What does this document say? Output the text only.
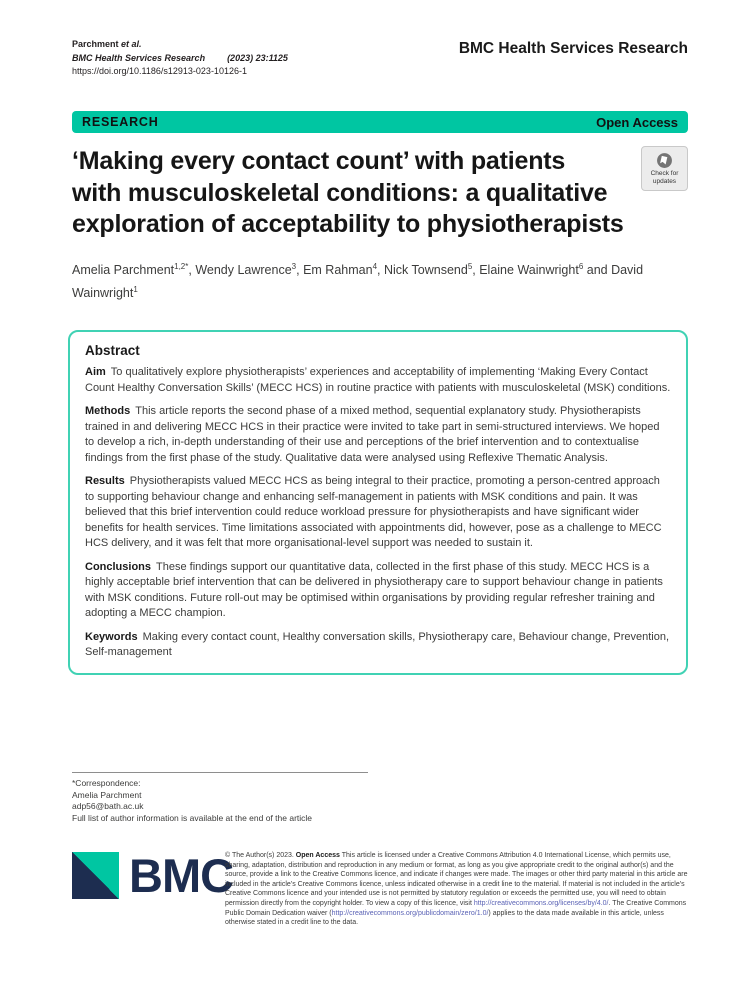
Parchment et al.
BMC Health Services Research (2023) 23:1125
https://doi.org/10.1186/s12913-023-10126-1
BMC Health Services Research
RESEARCH	Open Access
Check for
updates
‘Making every contact count’ with patients
with musculoskeletal conditions: a qualitative
exploration of acceptability to physiotherapists
Amelia Parchment$^{1,2*}$, Wendy Lawrence$^3$, Em Rahman$^4$, Nick Townsend$^5$, Elaine Wainwright$^6$ and David Wainwright$^1$
Abstract

Aim To qualitatively explore physiotherapists’ experiences and acceptability of implementing ‘Making Every Contact Count Healthy Conversation Skills’ (MECC HCS) in routine practice with patients with musculoskeletal (MSK) conditions.

Methods This article reports the second phase of a mixed method, sequential explanatory study. Physiotherapists trained in and delivering MECC HCS in their practice were invited to take part in semi-structured interviews. We hoped to develop a rich, in-depth understanding of their use and perceptions of the brief intervention and to contextualise findings from the first phase of the study. Qualitative data were analysed using Reflexive Thematic Analysis.

Results Physiotherapists valued MECC HCS as being integral to their practice, promoting a person-centred approach to supporting behaviour change and enhancing self-management in patients with MSK conditions and pain. It was believed that this brief intervention could reduce workload pressure for physiotherapists and have significant wider benefits for health services. Time limitations associated with appointments did, however, pose as a challenge to MECC HCS delivery, and it was felt that more organisational-level support was needed to sustain it.

Conclusions These findings support our quantitative data, collected in the first phase of this study. MECC HCS is a highly acceptable brief intervention that can be delivered in physiotherapy care to support behaviour change in patients with MSK conditions. Future roll-out may be optimised within organisations by providing regular refresher training and adopting a MECC champion.

Keywords Making every contact count, Healthy conversation skills, Physiotherapy care, Behaviour change, Prevention, Self-management

*Correspondence:
Amelia Parchment
adp56@bath.ac.uk
Full list of author information is available at the end of the article
BMC
© The Author(s) 2023. Open Access This article is licensed under a Creative Commons Attribution 4.0 International License, which permits use, sharing, adaptation, distribution and reproduction in any medium or format, as long as you give appropriate credit to the original author(s) and the source, provide a link to the Creative Commons licence, and indicate if changes were made. The images or other third party material in this article are included in the article’s Creative Commons licence, unless indicated otherwise in a credit line to the material. If material is not included in the article’s Creative Commons licence and your intended use is not permitted by statutory regulation or exceeds the permitted use, you will need to obtain permission directly from the copyright holder. To view a copy of this licence, visit http://creativecommons.org/licenses/by/4.0/. The Creative Commons Public Domain Dedication waiver (http://creativecommons.org/publicdomain/zero/1.0/) applies to the data made available in this article, unless otherwise stated in a credit line to the data.
